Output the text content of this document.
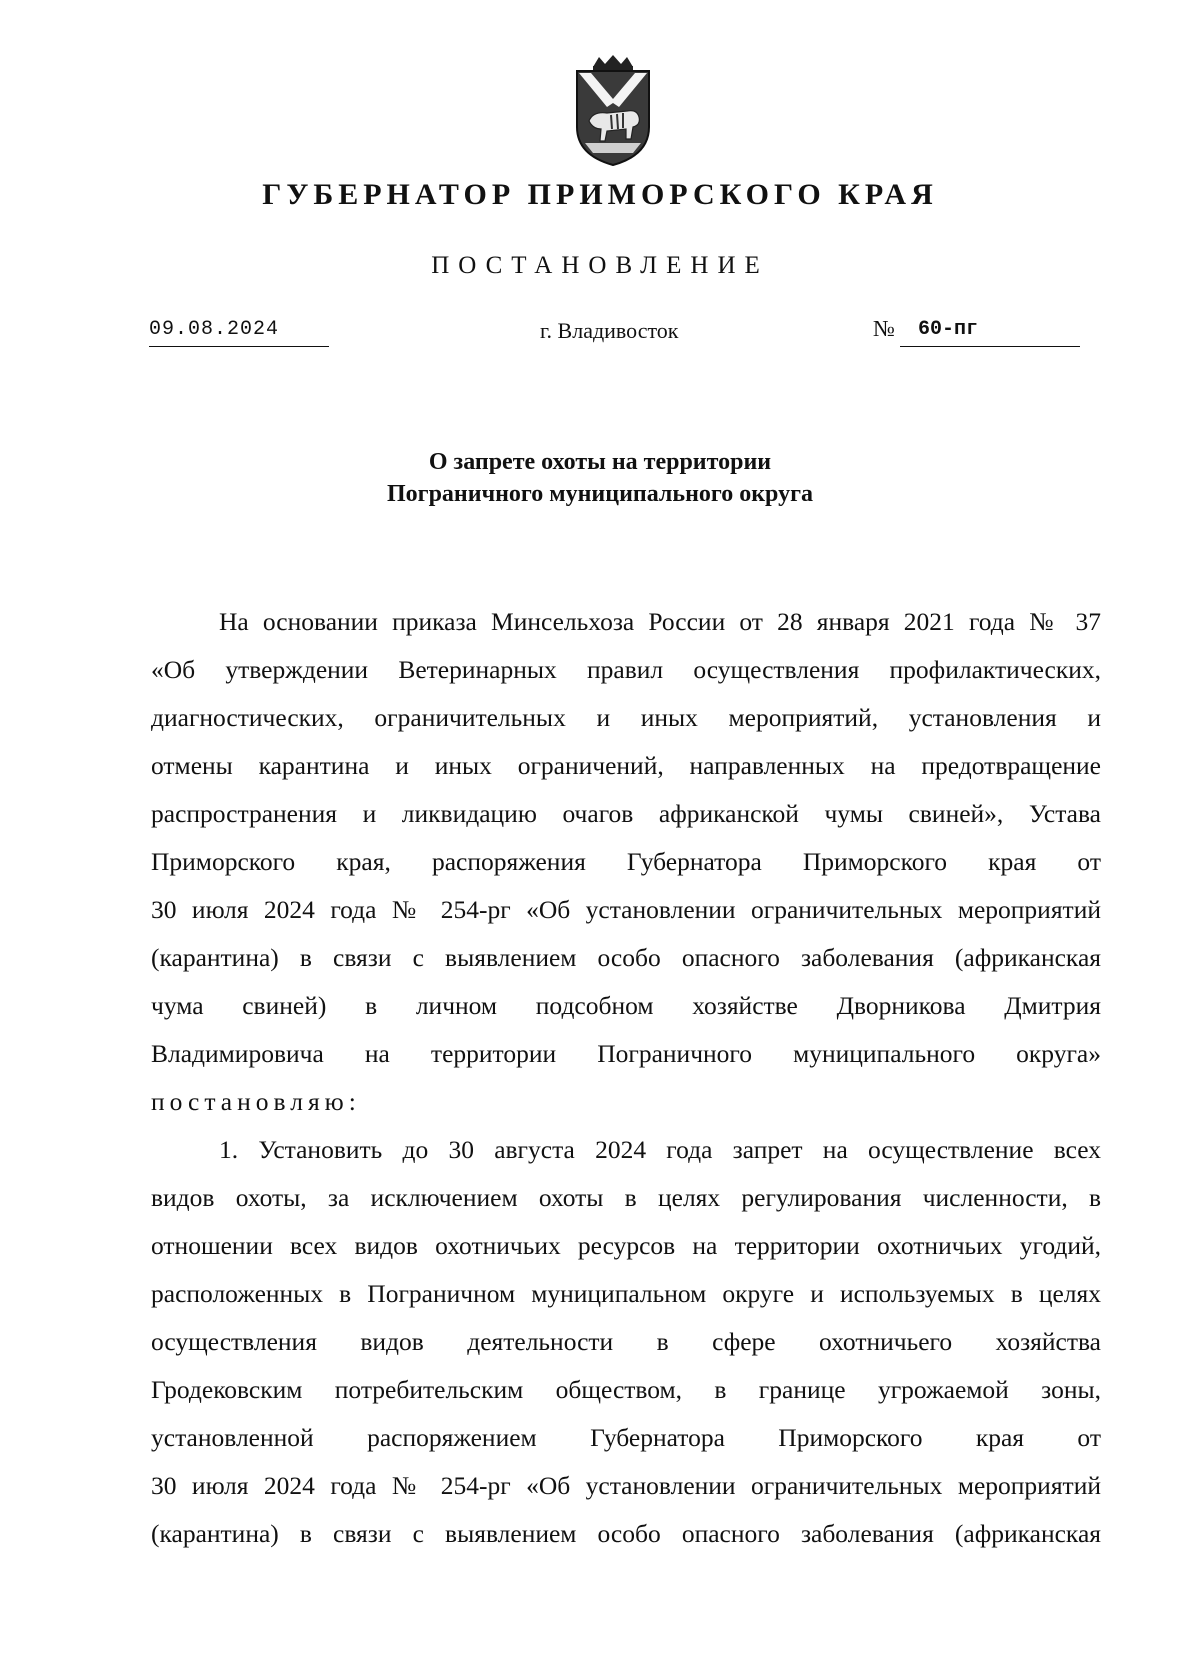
ГУБЕРНАТОР ПРИМОРСКОГО КРАЯ
ПОСТАНОВЛЕНИЕ
09.08.2024	г. Владивосток	№ 60-пг
О запрете охоты на территории
Пограничного муниципального округа
На основании приказа Минсельхоза России от 28 января 2021 года № 37
«Об утверждении Ветеринарных правил осуществления профилактических,
диагностических, ограничительных и иных мероприятий, установления и
отмены карантина и иных ограничений, направленных на предотвращение
распространения и ликвидацию очагов африканской чумы свиней», Устава
Приморского края, распоряжения Губернатора Приморского края от
30 июля 2024 года № 254-рг «Об установлении ограничительных мероприятий
(карантина) в связи с выявлением особо опасного заболевания (африканская
чума свиней) в личном подсобном хозяйстве Дворникова Дмитрия
Владимировича на территории Пограничного муниципального округа»
постановляю:
1. Установить до 30 августа 2024 года запрет на осуществление всех
видов охоты, за исключением охоты в целях регулирования численности, в
отношении всех видов охотничьих ресурсов на территории охотничьих угодий,
расположенных в Пограничном муниципальном округе и используемых в целях
осуществления видов деятельности в сфере охотничьего хозяйства
Гродековским потребительским обществом, в границе угрожаемой зоны,
установленной распоряжением Губернатора Приморского края от
30 июля 2024 года № 254-рг «Об установлении ограничительных мероприятий
(карантина) в связи с выявлением особо опасного заболевания (африканская
